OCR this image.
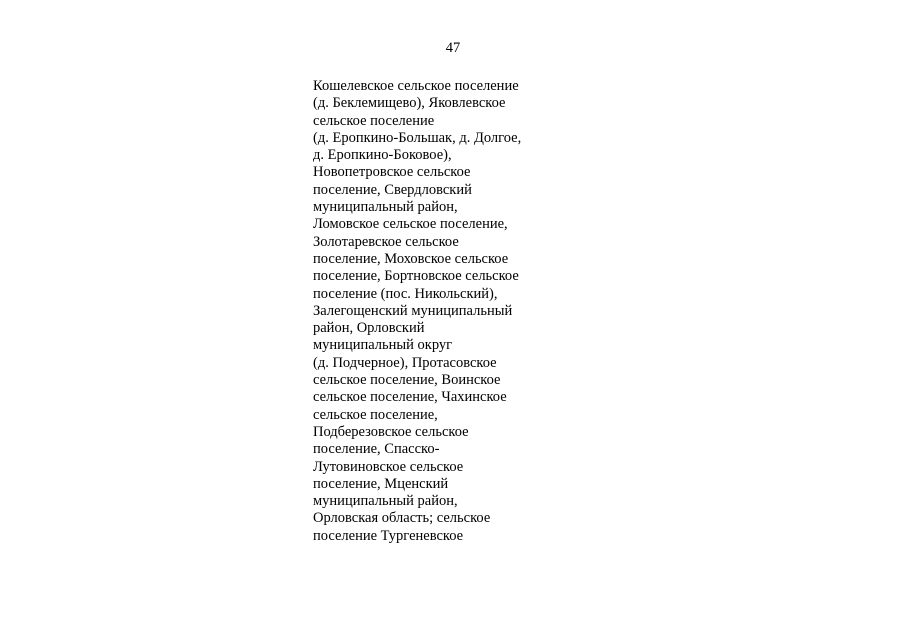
47
Кошелевское сельское поселение
(д. Беклемищево), Яковлевское
сельское поселение
(д. Еропкино-Большак, д. Долгое,
д. Еропкино-Боковое),
Новопетровское сельское
поселение, Свердловский
муниципальный район,
Ломовское сельское поселение,
Золотаревское сельское
поселение, Моховское сельское
поселение, Бортновское сельское
поселение (пос. Никольский),
Залегощенский муниципальный
район, Орловский
муниципальный округ
(д. Подчерное), Протасовское
сельское поселение, Воинское
сельское поселение, Чахинское
сельское поселение,
Подберезовское сельское
поселение, Спасско-
Лутовиновское сельское
поселение, Мценский
муниципальный район,
Орловская область; сельское
поселение Тургеневское
